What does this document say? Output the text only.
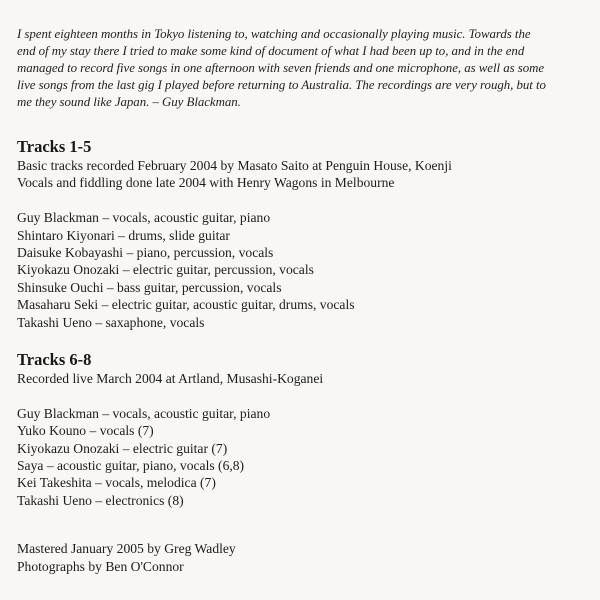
I spent eighteen months in Tokyo listening to, watching and occasionally playing music. Towards the
end of my stay there I tried to make some kind of document of what I had been up to, and in the end
managed to record five songs in one afternoon with seven friends and one microphone, as well as some
live songs from the last gig I played before returning to Australia. The recordings are very rough, but to
me they sound like Japan. – Guy Blackman.

Tracks 1-5
Basic tracks recorded February 2004 by Masato Saito at Penguin House, Koenji
Vocals and fiddling done late 2004 with Henry Wagons in Melbourne
Guy Blackman – vocals, acoustic guitar, piano
Shintaro Kiyonari – drums, slide guitar
Daisuke Kobayashi – piano, percussion, vocals
Kiyokazu Onozaki – electric guitar, percussion, vocals
Shinsuke Ouchi – bass guitar, percussion, vocals
Masaharu Seki – electric guitar, acoustic guitar, drums, vocals
Takashi Ueno – saxaphone, vocals
Tracks 6-8
Recorded live March 2004 at Artland, Musashi-Koganei
Guy Blackman – vocals, acoustic guitar, piano
Yuko Kouno – vocals (7)
Kiyokazu Onozaki – electric guitar (7)
Saya – acoustic guitar, piano, vocals (6,8)
Kei Takeshita – vocals, melodica (7)
Takashi Ueno – electronics (8)
Mastered January 2005 by Greg Wadley
Photographs by Ben O'Connor
